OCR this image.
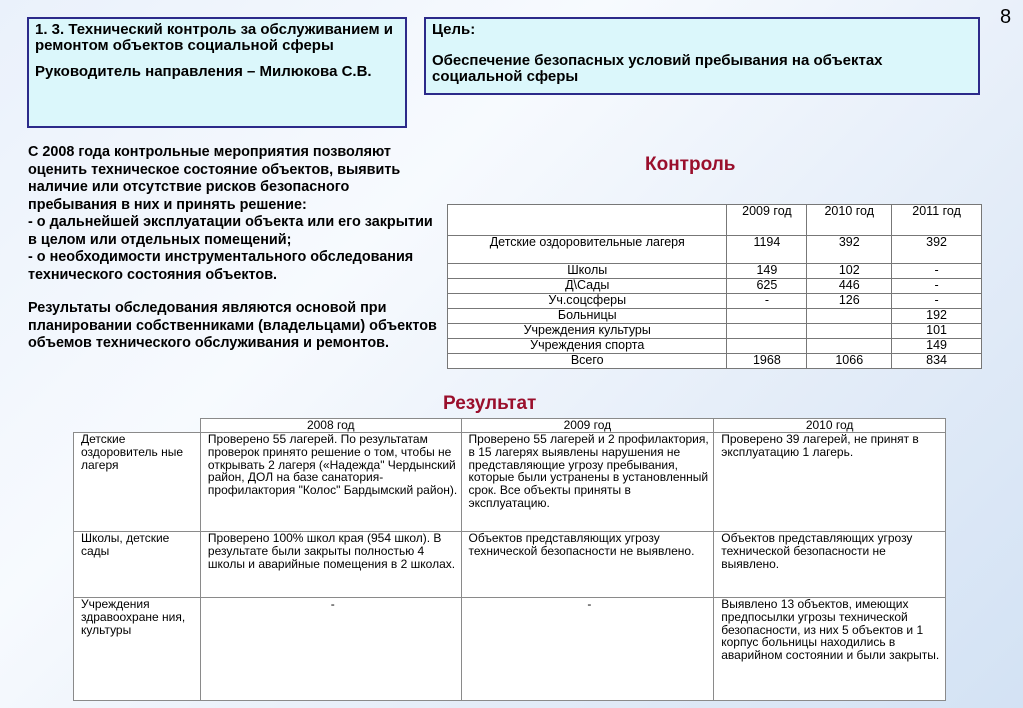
8
1. 3. Технический контроль за обслуживанием и ремонтом объектов социальной сферы
Руководитель направления – Милюкова С.В.
Цель:
Обеспечение безопасных условий пребывания на объектах социальной сферы

С 2008 года контрольные мероприятия позволяют оценить техническое состояние объектов, выявить наличие или отсутствие рисков безопасного пребывания в них и принять решение:

- о дальнейшей эксплуатации объекта или его закрытии в целом или отдельных помещений;

- о необходимости инструментального обследования технического состояния объектов.

Результаты обследования являются основой при планировании собственниками (владельцами) объектов объемов технического обслуживания и ремонтов.

Контроль
	2009 год	2010 год	2011 год
Детские оздоровительные лагеря	1194	392	392
Школы	149	102	-
Д\Сады	625	446	-
Уч.соцсферы	-	126	-
Больницы			192
Учреждения культуры			101
Учреждения спорта			149
Всего	1968	1066	834
Результат
	2008 год	2009 год	2010 год
Детские оздоровитель ные лагеря	Проверено 55 лагерей. По результатам проверок принято решение о том, чтобы не открывать 2 лагеря («Надежда" Чердынский район, ДОЛ на базе санатория-профилактория "Колос" Бардымский район).	Проверено 55 лагерей и 2 профилактория, в 15 лагерях выявлены нарушения не представляющие угрозу пребывания, которые были устранены в установленный срок. Все объекты приняты в эксплуатацию.	Проверено 39 лагерей, не принят в эксплуатацию 1 лагерь.
Школы, детские сады	Проверено 100% школ края (954 школ). В результате были закрыты полностью 4 школы и аварийные помещения в 2 школах.	Объектов представляющих угрозу технической безопасности не выявлено.	Объектов представляющих угрозу технической безопасности не выявлено.
Учреждения здравоохране ния, культуры	-	-	Выявлено 13 объектов, имеющих предпосылки угрозы технической безопасности, из них 5 объектов и 1 корпус больницы находились в аварийном состоянии и были закрыты.
